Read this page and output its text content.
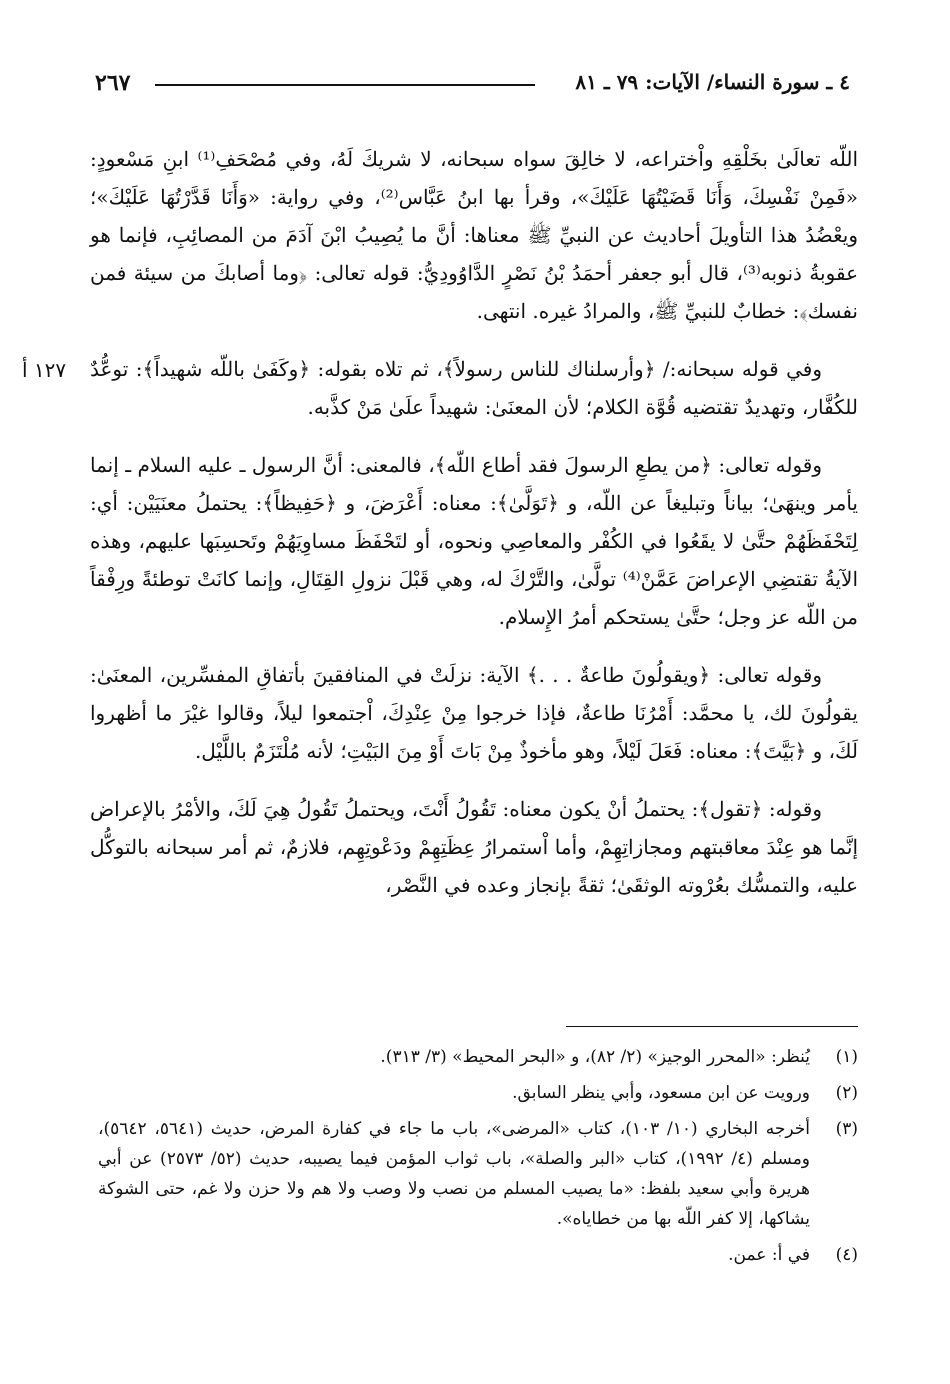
٤ ـ سورة النساء/ الآيات: ٧٩ ـ ٨١
٢٦٧
١٢٧ أ

اللّه تعالَىٰ بخَلْقِهِ واْختراعه، لا خالِقَ سواه سبحانه، لا شريكَ لَهُ، وفي مُصْحَفِ⁽¹⁾ ابنِ مَسْعودٍ: «فَمِنْ نَفْسِكَ، وَأَنَا قَضَيْتُهَا عَلَيْكَ»، وقرأ بها ابنُ عَبَّاس⁽²⁾، وفي رواية: «وَأَنَا قَدَّرْتُهَا عَلَيْكَ»؛ ويعْضُدُ هذا التأويلَ أحاديث عن النبيِّ ﷺ معناها: أنَّ ما يُصِيبُ ابْنَ آدَمَ من المصائِبِ، فإنما هو عقوبةُ ذنوبه⁽³⁾، قال أبو جعفر أحمَدُ بْنُ نَصْرٍ الدَّاوُودِيُّ: قوله تعالى: ﴿وما أصابكَ من سيئة فمن نفسك﴾: خطابٌ للنبيِّ ﷺ، والمرادُ غيره. انتهى.

وفي قوله سبحانه:/ ﴿وأرسلناك للناس رسولاً﴾، ثم تلاه بقوله: ﴿وكَفَىٰ باللّه شهيداً﴾: توعُّدٌ للكُفَّار، وتهديدٌ تقتضيه قُوَّة الكلام؛ لأن المعنَىٰ: شهيداً علَىٰ مَنْ كذَّبه.

وقوله تعالى: ﴿من يطعِ الرسولَ فقد أطاع اللّه﴾، فالمعنى: أنَّ الرسول ـ عليه السلام ـ إنما يأمر وينهَىٰ؛ بياناً وتبليغاً عن اللّه، و ﴿تَوَلَّىٰ﴾: معناه: أَعْرَضَ، و ﴿حَفِيظاً﴾: يحتملُ معنَيَيْن: أي: لِتَحْفَظَهُمْ حتَّىٰ لا يقَعُوا في الكُفْر والمعاصِي ونحوه، أو لتَحْفَظَ مساوِيَهُمْ وتَحسِبَها عليهم، وهذه الآيةُ تقتضِي الإعراضَ عَمَّنْ⁽⁴⁾ تولَّىٰ، والتَّرْكَ له، وهي قَبْلَ نزولِ القِتَالِ، وإنما كانَتْ توطئةً ورِفْقاً من اللّه عز وجل؛ حتَّىٰ يستحكم أمرُ الإِسلام.

وقوله تعالى: ﴿ويقولُونَ طاعةٌ . . .﴾ الآية: نزلَتْ في المنافقينَ بأتفاقِ المفسِّرين، المعنَىٰ: يقولُونَ لك، يا محمَّد: أَمْرُنَا طاعةٌ، فإذا خرجوا مِنْ عِنْدِكَ، اْجتمعوا ليلاً، وقالوا غيْرَ ما أظهروا لَكَ، و ﴿بَيَّتَ﴾: معناه: فَعَلَ لَيْلاً، وهو مأخوذٌ مِنْ بَاتَ أَوْ مِنَ البَيْتِ؛ لأنه مُلْتَزَمٌ باللَّيْل.

وقوله: ﴿تقول﴾: يحتملُ أنْ يكون معناه: تَقُولُ أَنْتَ، ويحتملُ تَقُولُ هِيَ لَكَ، والأمْرُ بالإعراض إنَّما هو عِنْدَ معاقبتهم ومجازاتِهِمْ، وأما اْستمرارُ عِظَتِهِمْ ودَعْوتِهِم، فلازمٌ، ثم أمر سبحانه بالتوكُّل عليه، والتمسُّك بعُرْوته الوثقَىٰ؛ ثقةً بإنجاز وعده في النَّصْر،

(١)
يُنظر: «المحرر الوجيز» (٢/ ٨٢)، و «البحر المحيط» (٣/ ٣١٣).
(٢)
ورويت عن ابن مسعود، وأبي ينظر السابق.
(٣)
أخرجه البخاري (١٠/ ١٠٣)، كتاب «المرضى»، باب ما جاء في كفارة المرض، حديث (٥٦٤١، ٥٦٤٢)، ومسلم (٤/ ١٩٩٢)، كتاب «البر والصلة»، باب ثواب المؤمن فيما يصيبه، حديث (٥٢/ ٢٥٧٣) عن أبي هريرة وأبي سعيد بلفظ: «ما يصيب المسلم من نصب ولا وصب ولا هم ولا حزن ولا غم، حتى الشوكة يشاكها، إلا كفر اللّه بها من خطاياه».
(٤)
في أ: عمن.
